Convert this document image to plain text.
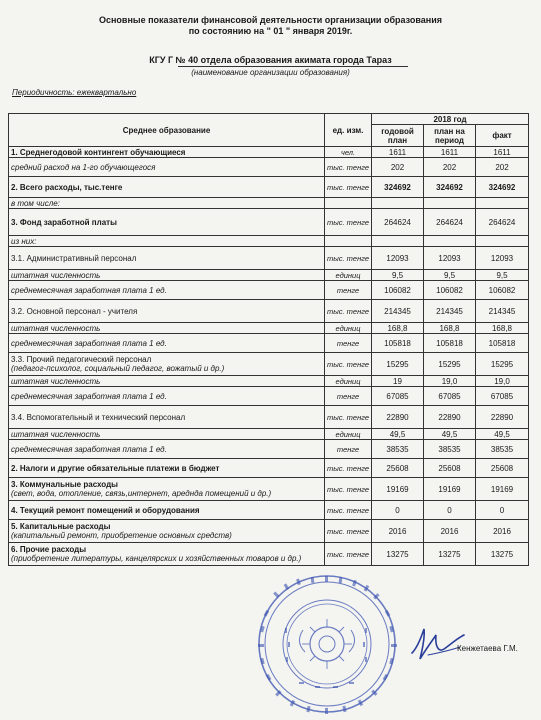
Основные показатели финансовой деятельности организации образования
по состоянию на " 01 " января 2019г.
КГУ Г № 40 отдела образования акимата города Тараз
(наименование организации образования)
Периодичность: ежеквартально
Среднее образование	ед. изм.	2018 год		
		годовой план	план на период	факт
1. Среднегодовой контингент обучающиеся	чел.	1611	1611	1611
средний расход на 1-го обучающегося	тыс. тенге	202	202	202
2. Всего расходы, тыс.тенге	тыс. тенге	324692	324692	324692
в том числе:				
3. Фонд заработной платы	тыс. тенге	264624	264624	264624
из них:				
3.1. Административный персонал	тыс. тенге	12093	12093	12093
штатная численность	единиц	9,5	9,5	9,5
среднемесячная заработная плата 1 ед.	тенге	106082	106082	106082
3.2. Основной персонал - учителя	тыс. тенге	214345	214345	214345
штатная численность	единиц	168,8	168,8	168,8
среднемесячная заработная плата 1 ед.	тенге	105818	105818	105818
3.3. Прочий педагогический персонал
(педагог-психолог, социальный педагог, вожатый и др.)	тыс. тенге	15295	15295	15295
штатная численность	единиц	19	19,0	19,0
среднемесячная заработная плата 1 ед.	тенге	67085	67085	67085
3.4. Вспомогательный и технический персонал	тыс. тенге	22890	22890	22890
штатная численность	единиц	49,5	49,5	49,5
среднемесячная заработная плата 1 ед.	тенге	38535	38535	38535
2. Налоги и другие обязательные платежи в бюджет	тыс. тенге	25608	25608	25608
3. Коммунальные расходы
(свет, вода, отопление, связь,интернет, аредндa помещений и др.)	тыс. тенге	19169	19169	19169
4. Текущий ремонт помещений и оборудования	тыс. тенге	0	0	0
5. Капитальные расходы
(капитальный ремонт, приобретение основных средств)	тыс. тенге	2016	2016	2016
6. Прочие расходы
(приобретение литературы, канцелярских и хозяйственных товаров и др.)	тыс. тенге	13275	13275	13275
Кенжетаева Г.М.
